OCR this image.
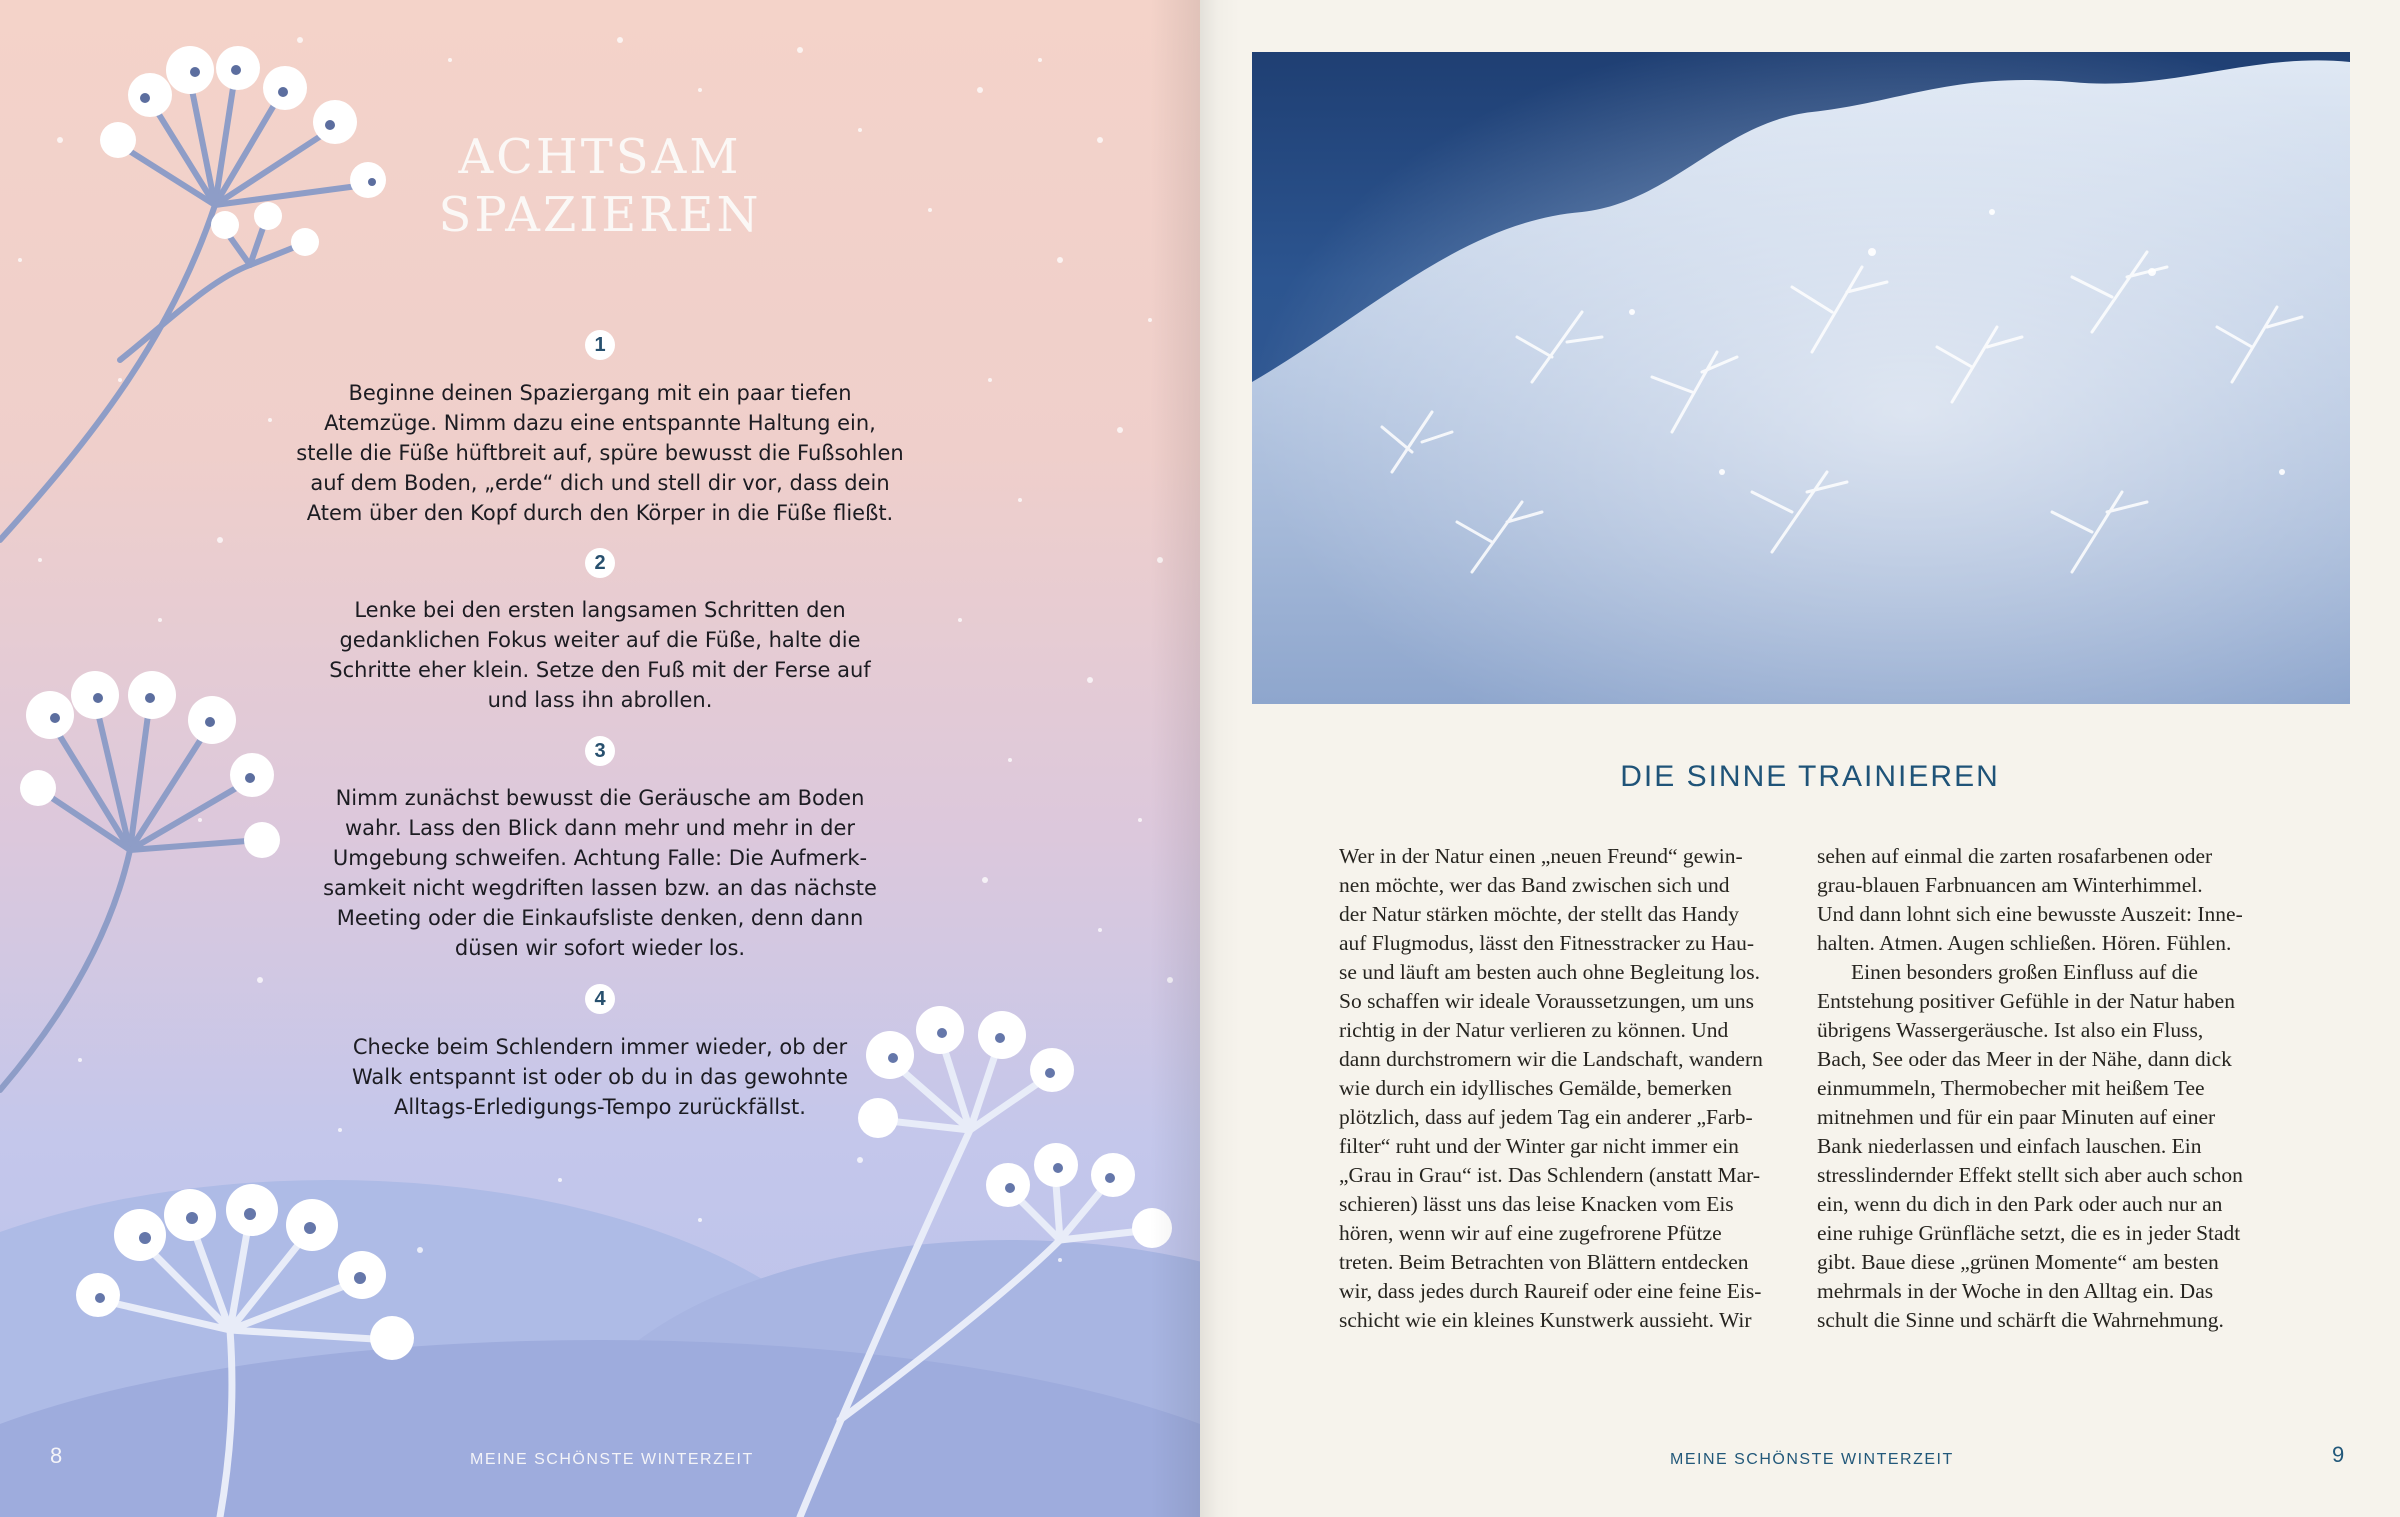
ACHTSAM
SPAZIEREN
1
Beginne deinen Spaziergang mit ein paar tiefen
Atemzüge. Nimm dazu eine entspannte Haltung ein,
stelle die Füße hüftbreit auf, spüre bewusst die Fußsohlen
auf dem Boden, „erde“ dich und stell dir vor, dass dein
Atem über den Kopf durch den Körper in die Füße fließt.
2
Lenke bei den ersten langsamen Schritten den
gedanklichen Fokus weiter auf die Füße, halte die
Schritte eher klein. Setze den Fuß mit der Ferse auf
und lass ihn abrollen.
3
Nimm zunächst bewusst die Geräusche am Boden
wahr. Lass den Blick dann mehr und mehr in der
Umgebung schweifen. Achtung Falle: Die Aufmerk-
samkeit nicht wegdriften lassen bzw. an das nächste
Meeting oder die Einkaufsliste denken, denn dann
düsen wir sofort wieder los.
4
Checke beim Schlendern immer wieder, ob der
Walk entspannt ist oder ob du in das gewohnte
Alltags-Erledigungs-Tempo zurückfällst.
8	MEINE SCHÖNSTE WINTERZEIT
DIE SINNE TRAINIEREN

Wer in der Natur einen „neuen Freund“ gewin-
nen möchte, wer das Band zwischen sich und
der Natur stärken möchte, der stellt das Handy
auf Flugmodus, lässt den Fitnesstracker zu Hau-
se und läuft am besten auch ohne Begleitung los.
So schaffen wir ideale Voraussetzungen, um uns
richtig in der Natur verlieren zu können. Und
dann durchstromern wir die Landschaft, wandern
wie durch ein idyllisches Gemälde, bemerken
plötzlich, dass auf jedem Tag ein anderer „Farb-
filter“ ruht und der Winter gar nicht immer ein
„Grau in Grau“ ist. Das Schlendern (anstatt Mar-
schieren) lässt uns das leise Knacken vom Eis
hören, wenn wir auf eine zugefrorene Pfütze
treten. Beim Betrachten von Blättern entdecken
wir, dass jedes durch Raureif oder eine feine Eis-
schicht wie ein kleines Kunstwerk aussieht. Wir

sehen auf einmal die zarten rosafarbenen oder
grau-blauen Farbnuancen am Winterhimmel.
Und dann lohnt sich eine bewusste Auszeit: Inne-
halten. Atmen. Augen schließen. Hören. Fühlen.

Einen besonders großen Einfluss auf die
Entstehung positiver Gefühle in der Natur haben
übrigens Wassergeräusche. Ist also ein Fluss,
Bach, See oder das Meer in der Nähe, dann dick
einmummeln, Thermobecher mit heißem Tee
mitnehmen und für ein paar Minuten auf einer
Bank niederlassen und einfach lauschen. Ein
stresslindernder Effekt stellt sich aber auch schon
ein, wenn du dich in den Park oder auch nur an
eine ruhige Grünfläche setzt, die es in jeder Stadt
gibt. Baue diese „grünen Momente“ am besten
mehrmals in der Woche in den Alltag ein. Das
schult die Sinne und schärft die Wahrnehmung.

MEINE SCHÖNSTE WINTERZEIT	9
